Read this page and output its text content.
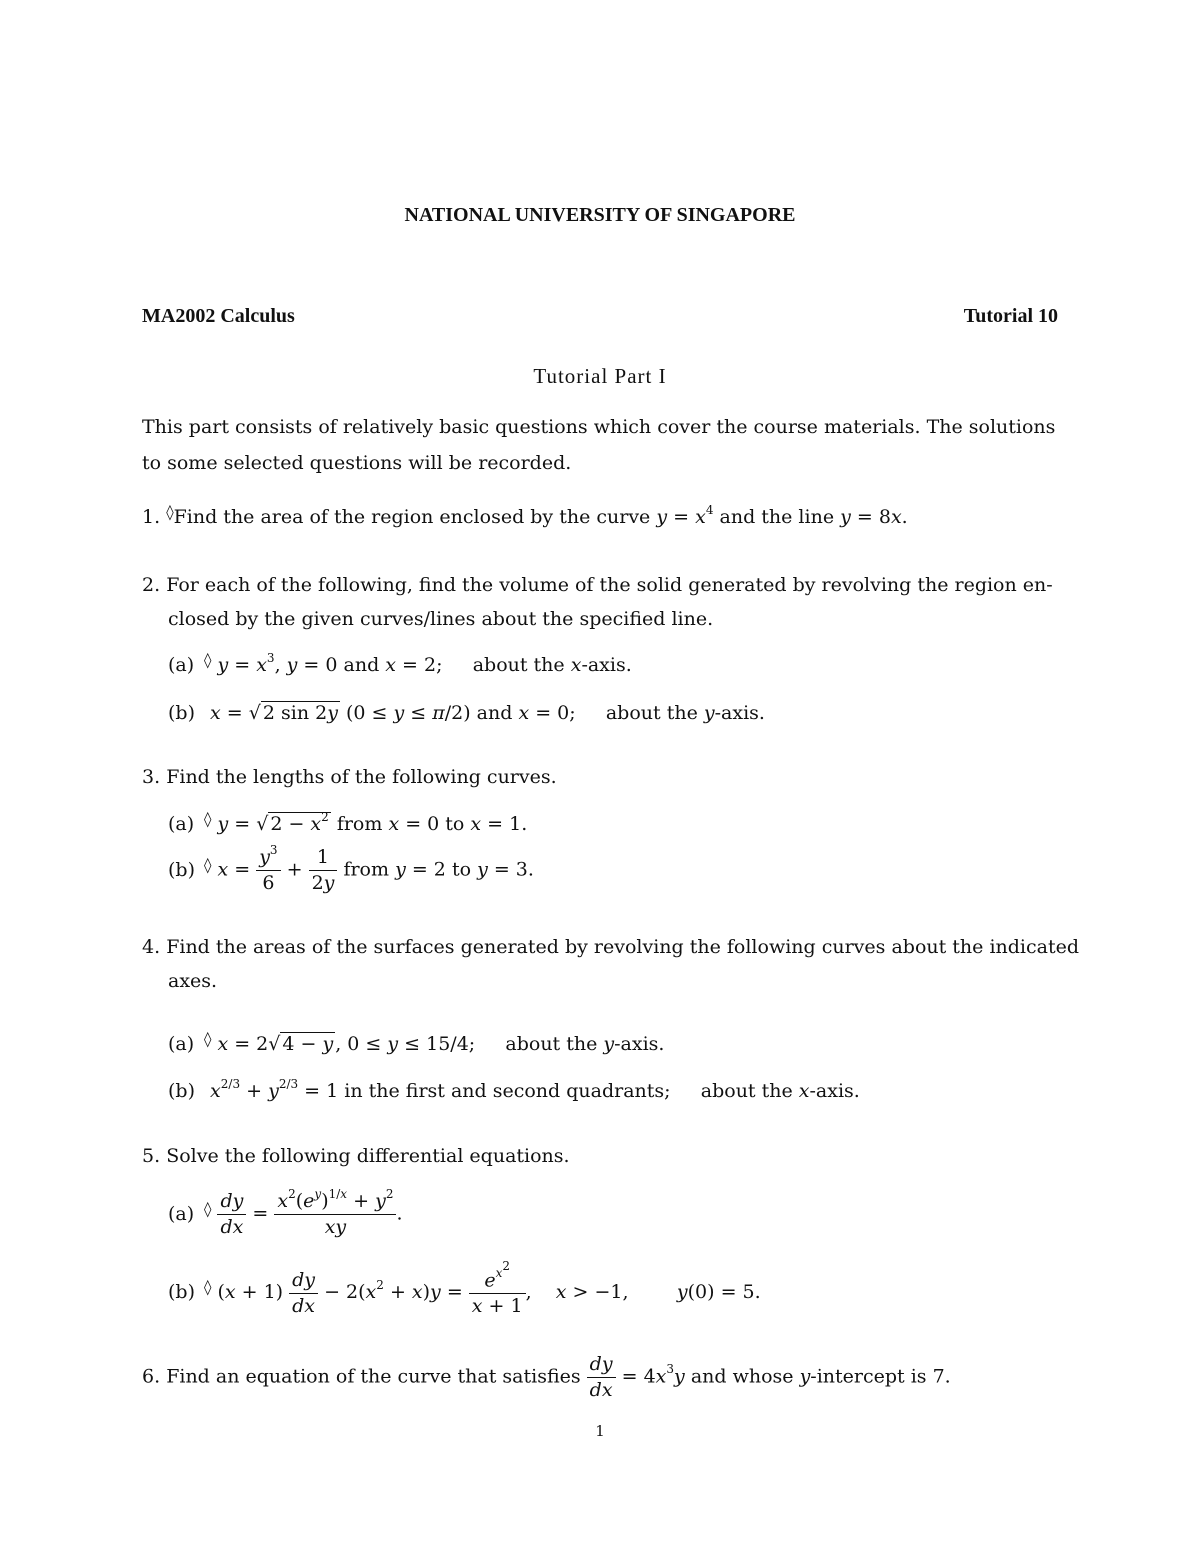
NATIONAL UNIVERSITY OF SINGAPORE
MA2002 Calculus	Tutorial 10
Tutorial Part I
This part consists of relatively basic questions which cover the course materials. The solutions
to some selected questions will be recorded.
1. ◊Find the area of the region enclosed by the curve $y = x^4$ and the line y = 8x.
2. For each of the following, find the volume of the solid generated by revolving the region en-
closed by the given curves/lines about the specified line.
(a) ◊ $y = x^3$, y = 0 and x = 2;     about the x-axis.
(b) x = √ 2 sin 2y (0 ≤ y ≤ π/2) and x = 0;     about the y-axis.
3. Find the lengths of the following curves.
(a) ◊ y = √ $2 - x^2$ from x = 0 to x = 1.
(b) ◊ $x = \frac{y^3}{6} + \frac{1}{2y}$ from y = 2 to y = 3.
4. Find the areas of the surfaces generated by revolving the following curves about the indicated
axes.
(a) ◊ x = 2√ 4 − y , 0 ≤ y ≤ 15/4;     about the y-axis.
(b) $x^{2/3} + y^{2/3} = 1$ in the first and second quadrants; about the x-axis.
5. Solve the following differential equations.
(a) $^◊ \frac{dy}{dx} = \frac{x^2(e^y)^{1/x} + y^2}{xy}$ .
(b) ◊ $(x + 1) \frac{dy}{dx} - 2(x^2 + x)y = \frac{e^{x^2}}{x + 1}$ ,    x > −1,        y(0) = 5.
6. Find an equation of the curve that satisfies $\frac{dy}{dx} = 4x^3y$ and whose y-intercept is 7.
1
